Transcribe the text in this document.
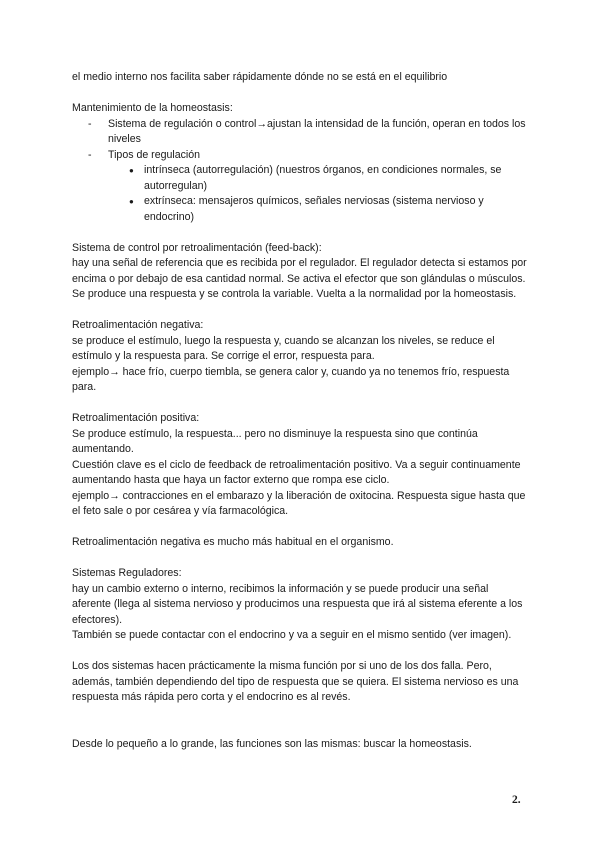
el medio interno nos facilita saber rápidamente dónde no se está en el equilibrio

Mantenimiento de la homeostasis:

- Sistema de regulación o control→ajustan la intensidad de la función, operan en todos los niveles
- Tipos de regulación
● intrínseca (autorregulación) (nuestros órganos, en condiciones normales, se autorregulan)
● extrínseca: mensajeros químicos, señales nerviosas (sistema nervioso y endocrino)

Sistema de control por retroalimentación (feed-back):

hay una señal de referencia que es recibida por el regulador. El regulador detecta si estamos por encima o por debajo de esa cantidad normal. Se activa el efector que son glándulas o músculos. Se produce una respuesta y se controla la variable. Vuelta a la normalidad por la homeostasis.

Retroalimentación negativa:

se produce el estímulo, luego la respuesta y, cuando se alcanzan los niveles, se reduce el estímulo y la respuesta para. Se corrige el error, respuesta para.

ejemplo→ hace frío, cuerpo tiembla, se genera calor y, cuando ya no tenemos frío, respuesta para.

Retroalimentación positiva:

Se produce estímulo, la respuesta... pero no disminuye la respuesta sino que continúa aumentando.

Cuestión clave es el ciclo de feedback de retroalimentación positivo. Va a seguir continuamente aumentando hasta que haya un factor externo que rompa ese ciclo.

ejemplo→ contracciones en el embarazo y la liberación de oxitocina. Respuesta sigue hasta que el feto sale o por cesárea y vía farmacológica.

Retroalimentación negativa es mucho más habitual en el organismo.

Sistemas Reguladores:

hay un cambio externo o interno, recibimos la información y se puede producir una señal aferente (llega al sistema nervioso y producimos una respuesta que irá al sistema eferente a los efectores).

También se puede contactar con el endocrino y va a seguir en el mismo sentido (ver imagen).

Los dos sistemas hacen prácticamente la misma función por si uno de los dos falla. Pero, además, también dependiendo del tipo de respuesta que se quiera. El sistema nervioso es una respuesta más rápida pero corta y el endocrino es al revés.

Desde lo pequeño a lo grande, las funciones son las mismas: buscar la homeostasis.

2.
